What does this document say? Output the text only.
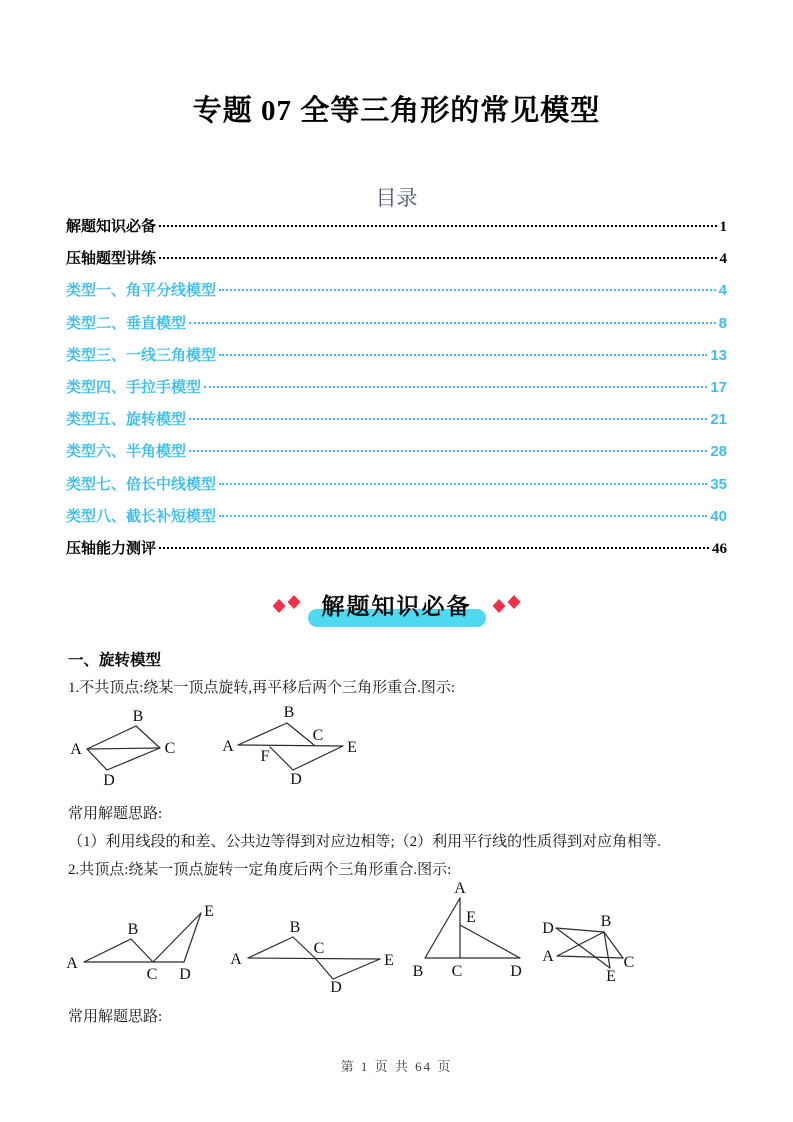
专题 07 全等三角形的常见模型
目录
解题知识必备	1
压轴题型讲练	4
类型一、角平分线模型	4
类型二、垂直模型	8
类型三、一线三角模型	13
类型四、手拉手模型	17
类型五、旋转模型	21
类型六、半角模型	28
类型七、倍长中线模型	35
类型八、截长补短模型	40
压轴能力测评	46
解题知识必备
一、旋转模型
1.不共顶点:绕某一顶点旋转,再平移后两个三角形重合.图示:
A
B
C
D
A
B
C
E
F
D
常用解题思路:
（1）利用线段的和差、公共边等得到对应边相等;（2）利用平行线的性质得到对应角相等.
2.共顶点:绕某一顶点旋转一定角度后两个三角形重合.图示:
A
B
C D
E
A
B
C
E
D
A
E
B C	D
D	B
A	C
E
常用解题思路:
第 1 页 共 64 页
